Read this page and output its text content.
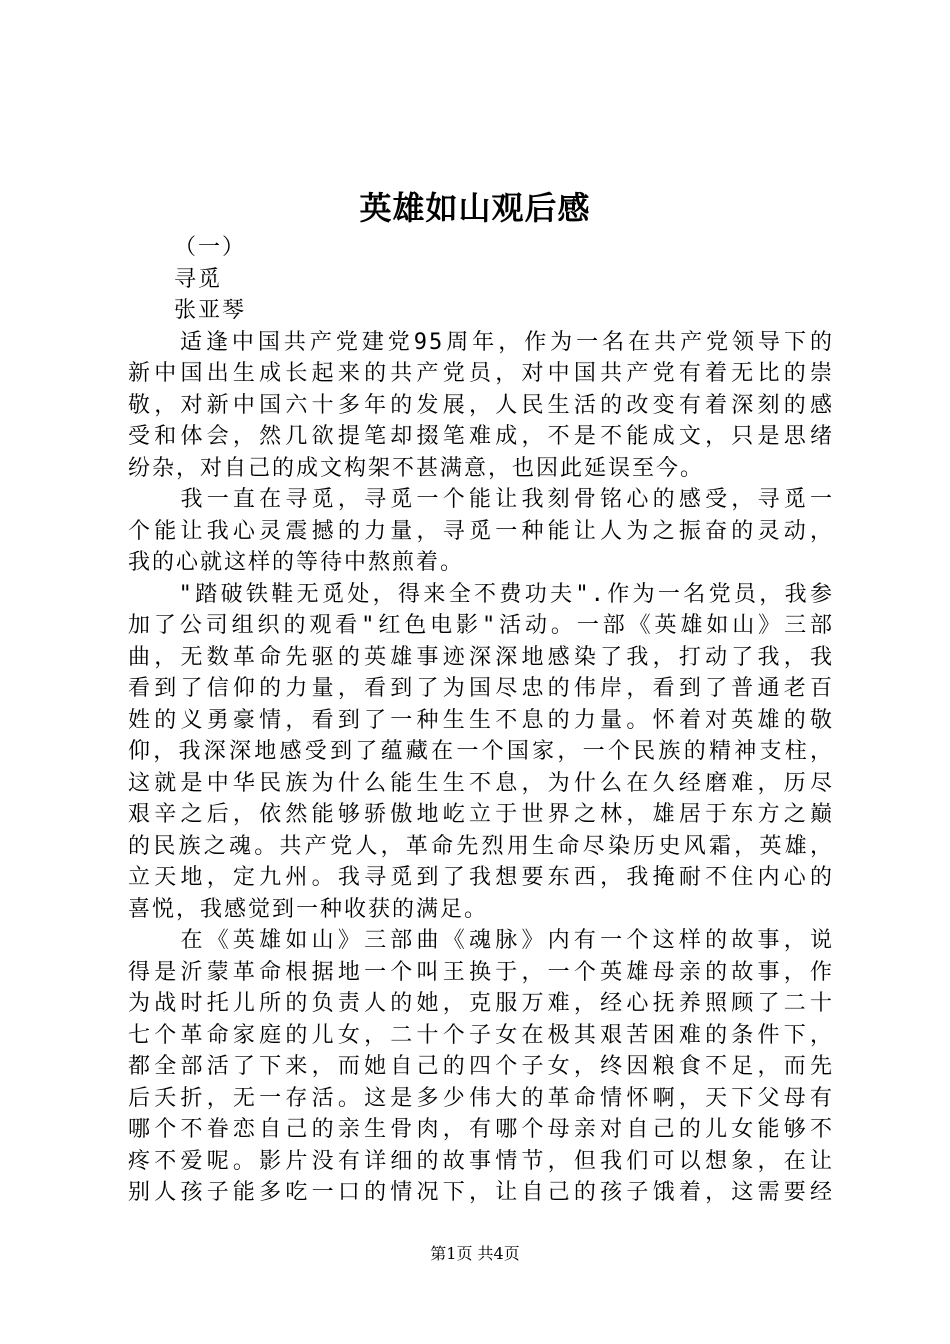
英雄如山观后感
（一）
寻觅
张亚琴
　　适逢中国共产党建党95周年，作为一名在共产党领导下的
新中国出生成长起来的共产党员，对中国共产党有着无比的崇
敬，对新中国六十多年的发展，人民生活的改变有着深刻的感
受和体会，然几欲提笔却掇笔难成，不是不能成文，只是思绪
纷杂，对自己的成文构架不甚满意，也因此延误至今。
　　我一直在寻觅，寻觅一个能让我刻骨铭心的感受，寻觅一
个能让我心灵震撼的力量，寻觅一种能让人为之振奋的灵动，
我的心就这样的等待中熬煎着。
　　"踏破铁鞋无觅处，得来全不费功夫".作为一名党员，我参
加了公司组织的观看"红色电影"活动。一部《英雄如山》三部
曲，无数革命先驱的英雄事迹深深地感染了我，打动了我，我
看到了信仰的力量，看到了为国尽忠的伟岸，看到了普通老百
姓的义勇豪情，看到了一种生生不息的力量。怀着对英雄的敬
仰，我深深地感受到了蕴藏在一个国家，一个民族的精神支柱，
这就是中华民族为什么能生生不息，为什么在久经磨难，历尽
艰辛之后，依然能够骄傲地屹立于世界之林，雄居于东方之巅
的民族之魂。共产党人，革命先烈用生命尽染历史风霜，英雄，
立天地，定九州。我寻觅到了我想要东西，我掩耐不住内心的
喜悦，我感觉到一种收获的满足。
　　在《英雄如山》三部曲《魂脉》内有一个这样的故事，说
得是沂蒙革命根据地一个叫王换于，一个英雄母亲的故事，作
为战时托儿所的负责人的她，克服万难，经心抚养照顾了二十
七个革命家庭的儿女，二十个子女在极其艰苦困难的条件下，
都全部活了下来，而她自己的四个子女，终因粮食不足，而先
后夭折，无一存活。这是多少伟大的革命情怀啊，天下父母有
哪个不眷恋自己的亲生骨肉，有哪个母亲对自己的儿女能够不
疼不爱呢。影片没有详细的故事情节，但我们可以想象，在让
别人孩子能多吃一口的情况下，让自己的孩子饿着，这需要经
第1页 共4页
